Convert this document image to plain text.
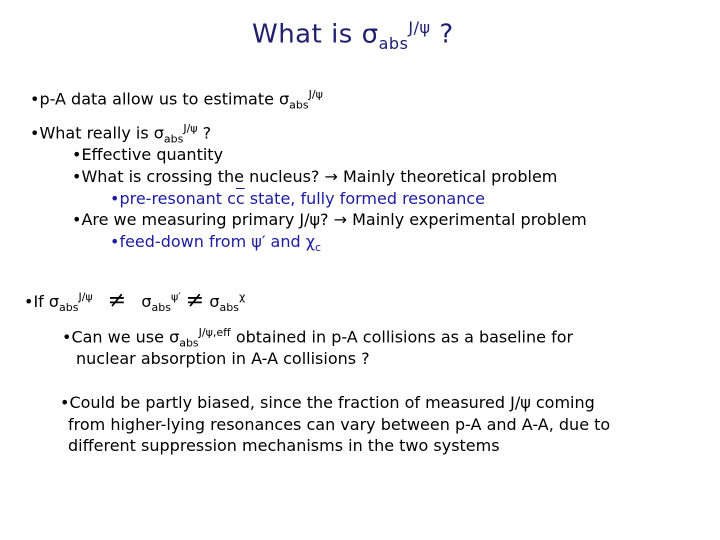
What is $\sigma_{abs}^{J/\psi}$ ?
•p-A data allow us to estimate $\sigma_{abs}^{J/\psi}$
•What really is $\sigma_{abs}^{J/\psi}$ ?
•Effective quantity
•What is crossing the nucleus? → Mainly theoretical problem
•pre-resonant $c\overline{c}$ state, fully formed resonance
•Are we measuring primary J/ψ? → Mainly experimental problem
•feed-down from ψ′ and $\chi_c$
•If $\sigma_{abs}^{J/\psi} \ne \sigma_{abs}^{\psi'} \ne \sigma_{abs}^\chi$
•Can we use $\sigma_{abs}^{J/\psi,eff}$ obtained in p-A collisions as a baseline for
nuclear absorption in A-A collisions ?
•Could be partly biased, since the fraction of measured J/ψ coming
from higher-lying resonances can vary between p-A and A-A, due to
different suppression mechanisms in the two systems
